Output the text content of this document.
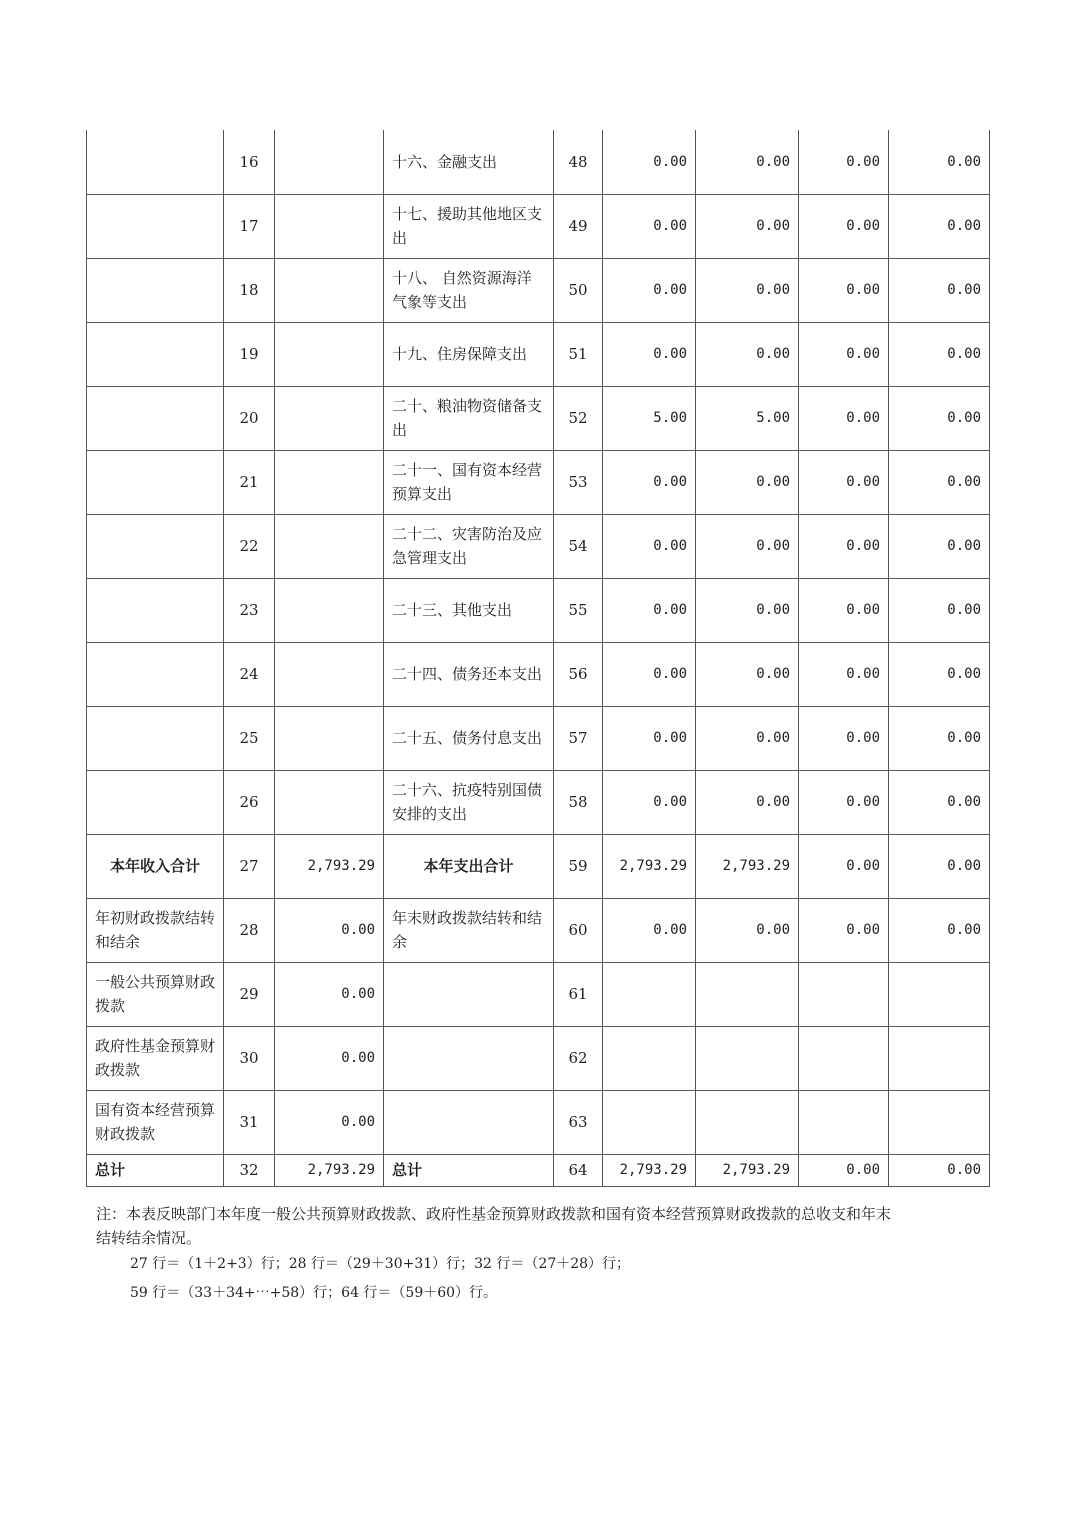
	16		十六、金融支出	48	0.00	0.00	0.00	0.00
	17		十七、援助其他地区支出	49	0.00	0.00	0.00	0.00
	18		十八、 自然资源海洋气象等支出	50	0.00	0.00	0.00	0.00
	19		十九、住房保障支出	51	0.00	0.00	0.00	0.00
	20		二十、粮油物资储备支出	52	5.00	5.00	0.00	0.00
	21		二十一、国有资本经营预算支出	53	0.00	0.00	0.00	0.00
	22		二十二、灾害防治及应急管理支出	54	0.00	0.00	0.00	0.00
	23		二十三、其他支出	55	0.00	0.00	0.00	0.00
	24		二十四、债务还本支出	56	0.00	0.00	0.00	0.00
	25		二十五、债务付息支出	57	0.00	0.00	0.00	0.00
	26		二十六、抗疫特别国债安排的支出	58	0.00	0.00	0.00	0.00
本年收入合计	27	2,793.29	本年支出合计	59	2,793.29	2,793.29	0.00	0.00
年初财政拨款结转和结余	28	0.00	年末财政拨款结转和结余	60	0.00	0.00	0.00	0.00
一般公共预算财政拨款	29	0.00		61				
政府性基金预算财政拨款	30	0.00		62				
国有资本经营预算财政拨款	31	0.00		63				
总计	32	2,793.29	总计	64	2,793.29	2,793.29	0.00	0.00

注：本表反映部门本年度一般公共预算财政拨款、政府性基金预算财政拨款和国有资本经营预算财政拨款的总收支和年末结转结余情况。

27 行＝（1＋2+3）行；28 行＝（29＋30+31）行；32 行＝（27＋28）行；

59 行＝（33＋34+⋯+58）行；64 行＝（59＋60）行。
